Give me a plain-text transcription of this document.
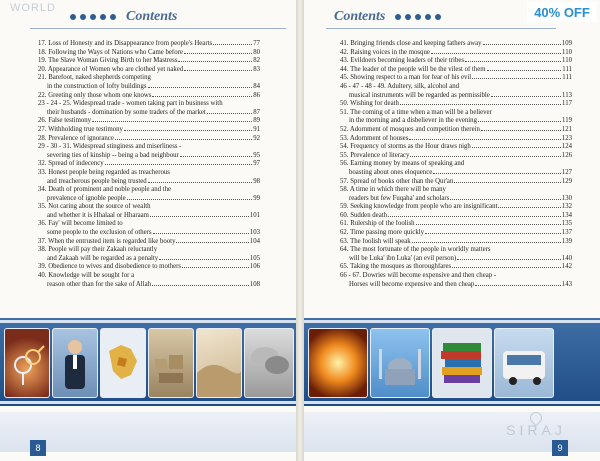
WORLD
Contents
17. Loss of Honesty and its Disappearance from people's Hearts	77
18. Following the Ways of Nations who Came before	80
19. The Slave Woman Giving Birth to her Mastress	82
20. Appearance of Women who are clothed yet naked	83
21. Barefoot, naked shepherds competing
in the construction of lofty buildings	84
22. Greeting only those whom one knows	86
23 - 24 - 25. Widespread trade - women taking part in business with
their husbands - domination by some traders of the market	87
26. False testimony	89
27. Withholding true testimony	91
28. Prevalence of ignorance	92
29 - 30 - 31. Widespread stinginess and miserliness -
severing ties of kinship -- being a bad neighbour	95
32. Spread of indecency	97
33. Honest people being regarded as treacherous
and treacherous people being trusted	98
34. Death of prominent and noble people and the
prevalence of ignoble people	99
35. Not caring about the source of wealth
and whether it is Hhalaal or Hharaam	101
36. Fay' will become limited to
some people to the exclusion of others	103
37. When the entrusted item is regarded like booty	104
38. People will pay their Zakaah reluctantly
and Zakaah will be regarded as a penalty	105
39. Obedience to wives and disobedience to mothers	106
40. Knowledge will be sought for a
reason other than for the sake of Allah	108
Contents
41. Bringing friends close and keeping fathers away	109
42. Raising voices in the mosque	110
43. Evildoers becoming leaders of their tribes	110
44. The leader of the people will be the vilest of them	111
45. Showing respect to a man for fear of his evil	111
46 - 47 - 48 - 49. Adultery, silk, alcohol and
musical instruments will be regarded as permissible	113
50. Wishing for death	117
51. The coming of a time when a man will be a believer
in the morning and a disbeliever in the evening	119
52. Adornment of mosques and competition therein	121
53. Adornment of houses	123
54. Frequency of storms as the Hour draws nigh	124
55. Prevalence of literacy	126
56. Earning money by means of speaking and
boasting about ones eloquence	127
57. Spread of books other than the Qur'an	129
58. A time in which there will be many
readers but few Fuqaha' and scholars	130
59. Seeking knowledge from people who are insignificant	132
60. Sudden death	134
61. Rulership of the foolish	135
62. Time passing more quickly	137
63. The foolish will speak	139
64. The most fortunate of the people in worldly matters
will be Luka' ibn Luka' (an evil person)	140
65. Taking the mosques as thoroughfares	142
66 - 67. Dowries will become expensive and then cheap -
Horses will become expensive and then cheap	143
8	9
SIRAJ
40% OFF
